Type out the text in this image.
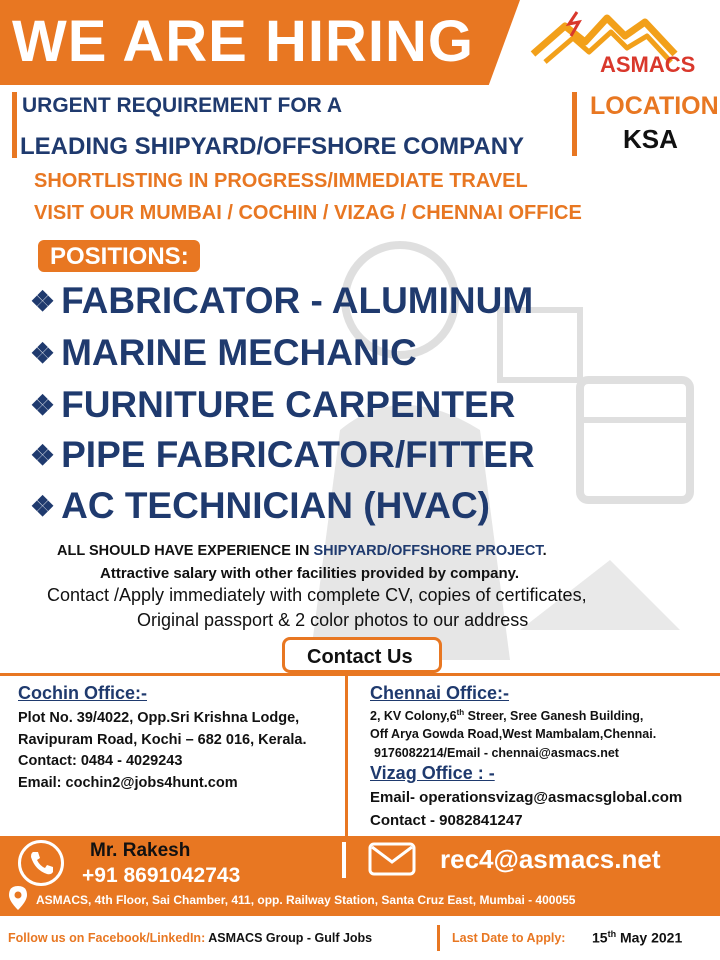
WE ARE HIRING	ASMACS
URGENT REQUIREMENT FOR A
LEADING SHIPYARD/OFFSHORE COMPANY
LOCATION
KSA
SHORTLISTING IN PROGRESS/IMMEDIATE TRAVEL
VISIT OUR MUMBAI / COCHIN / VIZAG / CHENNAI OFFICE
POSITIONS:
❖ FABRICATOR - ALUMINUM
❖ MARINE MECHANIC
❖ FURNITURE CARPENTER
❖ PIPE FABRICATOR/FITTER
❖ AC TECHNICIAN (HVAC)
ALL SHOULD HAVE EXPERIENCE IN SHIPYARD/OFFSHORE PROJECT.
Attractive salary with other facilities provided by company.
Contact /Apply immediately with complete CV, copies of certificates,
Original passport & 2 color photos to our address
Contact Us
Cochin Office:-
Plot No. 39/4022, Opp.Sri Krishna Lodge,
Ravipuram Road, Kochi – 682 016, Kerala.
Contact: 0484 - 4029243
Email: cochin2@jobs4hunt.com
Chennai Office:-
2, KV Colony,6th Streer, Sree Ganesh Building,
Off Arya Gowda Road,West Mambalam,Chennai.
9176082214/Email - chennai@asmacs.net
Vizag Office : -
Email- operationsvizag@asmacsglobal.com
Contact - 9082841247
Mr. Rakesh
+91 8691042743
rec4@asmacs.net
ASMACS, 4th Floor, Sai Chamber, 411, opp. Railway Station, Santa Cruz East, Mumbai - 400055
Follow us on Facebook/LinkedIn: ASMACS Group - Gulf Jobs	Last Date to Apply: 15th May 2021
